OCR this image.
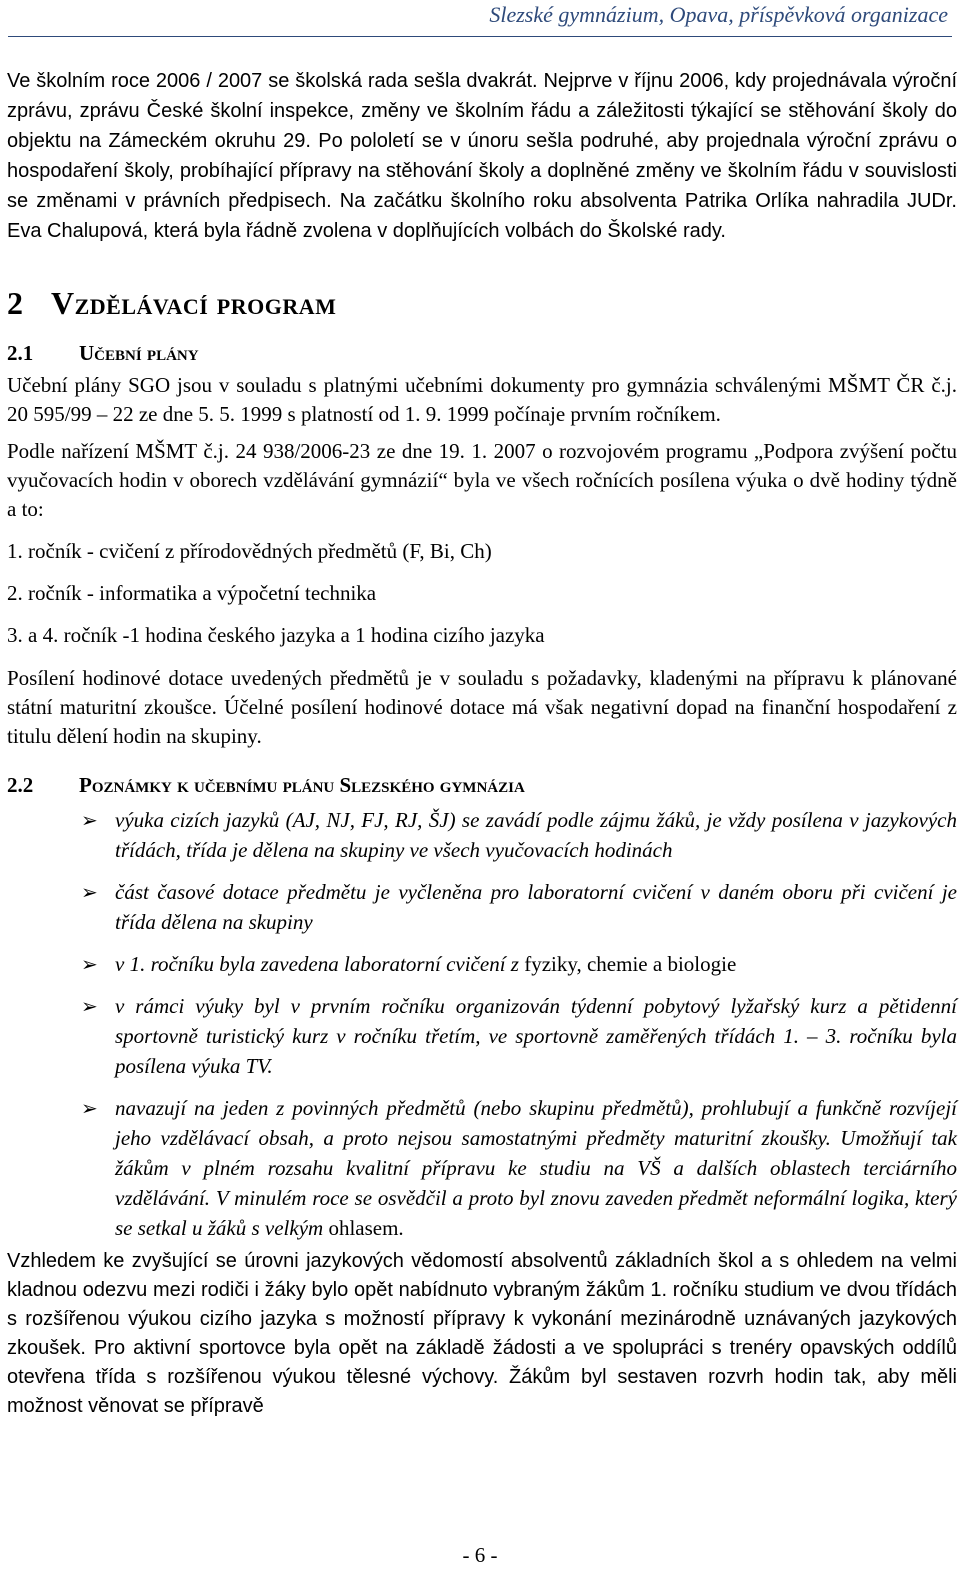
Slezské gymnázium, Opava, příspěvková organizace

Ve školním roce 2006 / 2007 se školská rada sešla dvakrát. Nejprve v říjnu 2006, kdy projednávala výroční zprávu, zprávu České školní inspekce, změny ve školním řádu a záležitosti týkající se stěhování školy do objektu na Zámeckém okruhu 29. Po pololetí se v únoru sešla podruhé, aby projednala výroční zprávu o hospodaření školy, probíhající přípravy na stěhování školy a doplněné změny ve školním řádu v souvislosti se změnami v právních předpisech. Na začátku školního roku absolventa Patrika Orlíka nahradila JUDr. Eva Chalupová, která byla řádně zvolena v doplňujících volbách do Školské rady.

2 Vzdělávací program
2.1 Učební plány

Učební plány SGO jsou v souladu s platnými učebními dokumenty pro gymnázia schválenými MŠMT ČR č.j. 20 595/99 – 22 ze dne 5. 5. 1999 s platností od 1. 9. 1999 počínaje prvním ročníkem.

Podle nařízení MŠMT č.j. 24 938/2006-23 ze dne 19. 1. 2007 o rozvojovém programu „Podpora zvýšení počtu vyučovacích hodin v oborech vzdělávání gymnázií“ byla ve všech ročnících posílena výuka o dvě hodiny týdně a to:

1. ročník - cvičení z přírodovědných předmětů (F, Bi, Ch)
2. ročník - informatika a výpočetní technika
3. a 4. ročník -1 hodina českého jazyka a 1 hodina cizího jazyka

Posílení hodinové dotace uvedených předmětů je v souladu s požadavky, kladenými na přípravu k plánované státní maturitní zkoušce. Účelné posílení hodinové dotace má však negativní dopad na finanční hospodaření z titulu dělení hodin na skupiny.

2.2 Poznámky k učebnímu plánu Slezského gymnázia
➢ výuka cizích jazyků (AJ, NJ, FJ, RJ, ŠJ) se zavádí podle zájmu žáků, je vždy posílena v jazykových třídách, třída je dělena na skupiny ve všech vyučovacích hodinách
➢ část časové dotace předmětu je vyčleněna pro laboratorní cvičení v daném oboru při cvičení je třída dělena na skupiny
➢ v 1. ročníku byla zavedena laboratorní cvičení z fyziky, chemie a biologie
➢ v rámci výuky byl v prvním ročníku organizován týdenní pobytový lyžařský kurz a pětidenní sportovně turistický kurz v ročníku třetím, ve sportovně zaměřených třídách 1. – 3. ročníku byla posílena výuka TV.
➢ navazují na jeden z povinných předmětů (nebo skupinu předmětů), prohlubují a funkčně rozvíjejí jeho vzdělávací obsah, a proto nejsou samostatnými předměty maturitní zkoušky. Umožňují tak žákům v plném rozsahu kvalitní přípravu ke studiu na VŠ a dalších oblastech terciárního vzdělávání. V minulém roce se osvědčil a proto byl znovu zaveden předmět neformální logika, který se setkal u žáků s velkým ohlasem.

Vzhledem ke zvyšující se úrovni jazykových vědomostí absolventů základních škol a s ohledem na velmi kladnou odezvu mezi rodiči i žáky bylo opět nabídnuto vybraným žákům 1. ročníku studium ve dvou třídách s rozšířenou výukou cizího jazyka s možností přípravy k vykonání mezinárodně uznávaných jazykových zkoušek. Pro aktivní sportovce byla opět na základě žádosti a ve spolupráci s trenéry opavských oddílů otevřena třída s rozšířenou výukou tělesné výchovy. Žákům byl sestaven rozvrh hodin tak, aby měli možnost věnovat se přípravě

- 6 -
